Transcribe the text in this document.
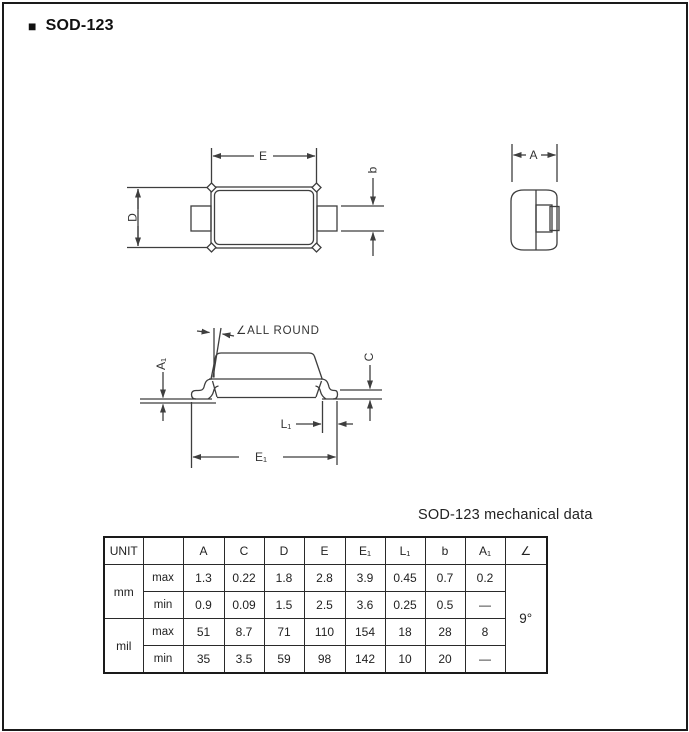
■ SOD-123
E
D
b
A
∠ALL ROUND
A₁
C
L₁
E₁
SOD-123 mechanical data
UNIT		A	C	D	E	E₁	L₁	b	A₁	∠
mm	max	1.3	0.22	1.8	2.8	3.9	0.45	0.7	0.2	9°
	min	0.9	0.09	1.5	2.5	3.6	0.25	0.5	—	
mil	max	51	8.7	71	110	154	18	28	8	
	min	35	3.5	59	98	142	10	20	—	
